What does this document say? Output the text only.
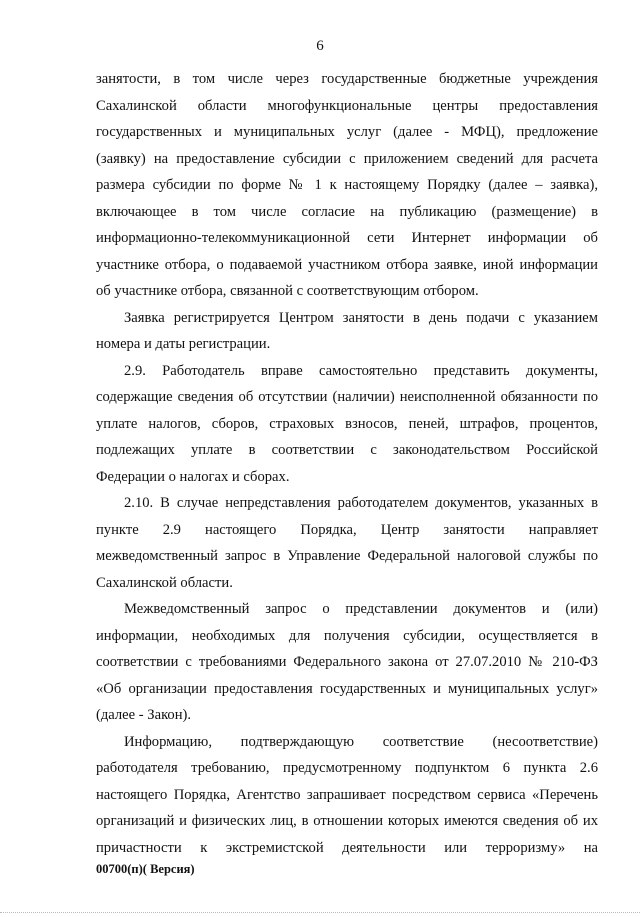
6
занятости, в том числе через государственные бюджетные учреждения
Сахалинской области многофункциональные центры предоставления
государственных и муниципальных услуг (далее - МФЦ), предложение
(заявку) на предоставление субсидии с приложением сведений для расчета
размера субсидии по форме № 1 к настоящему Порядку (далее – заявка),
включающее в том числе согласие на публикацию (размещение) в
информационно-телекоммуникационной сети Интернет информации об
участнике отбора, о подаваемой участником отбора заявке, иной информации
об участнике отбора, связанной с соответствующим отбором.
Заявка регистрируется Центром занятости в день подачи с указанием
номера и даты регистрации.
2.9. Работодатель вправе самостоятельно представить документы,
содержащие сведения об отсутствии (наличии) неисполненной обязанности по
уплате налогов, сборов, страховых взносов, пеней, штрафов, процентов,
подлежащих уплате в соответствии с законодательством Российской
Федерации о налогах и сборах.
2.10. В случае непредставления работодателем документов, указанных в
пункте 2.9 настоящего Порядка, Центр занятости направляет
межведомственный запрос в Управление Федеральной налоговой службы по
Сахалинской области.
Межведомственный запрос о представлении документов и (или)
информации, необходимых для получения субсидии, осуществляется в
соответствии с требованиями Федерального закона от 27.07.2010 № 210-ФЗ
«Об организации предоставления государственных и муниципальных услуг»
(далее - Закон).
Информацию, подтверждающую соответствие (несоответствие)
работодателя требованию, предусмотренному подпунктом 6 пункта 2.6
настоящего Порядка, Агентство запрашивает посредством сервиса «Перечень
организаций и физических лиц, в отношении которых имеются сведения об их
причастности к экстремистской деятельности или терроризму» на
00700(п)( Версия)
